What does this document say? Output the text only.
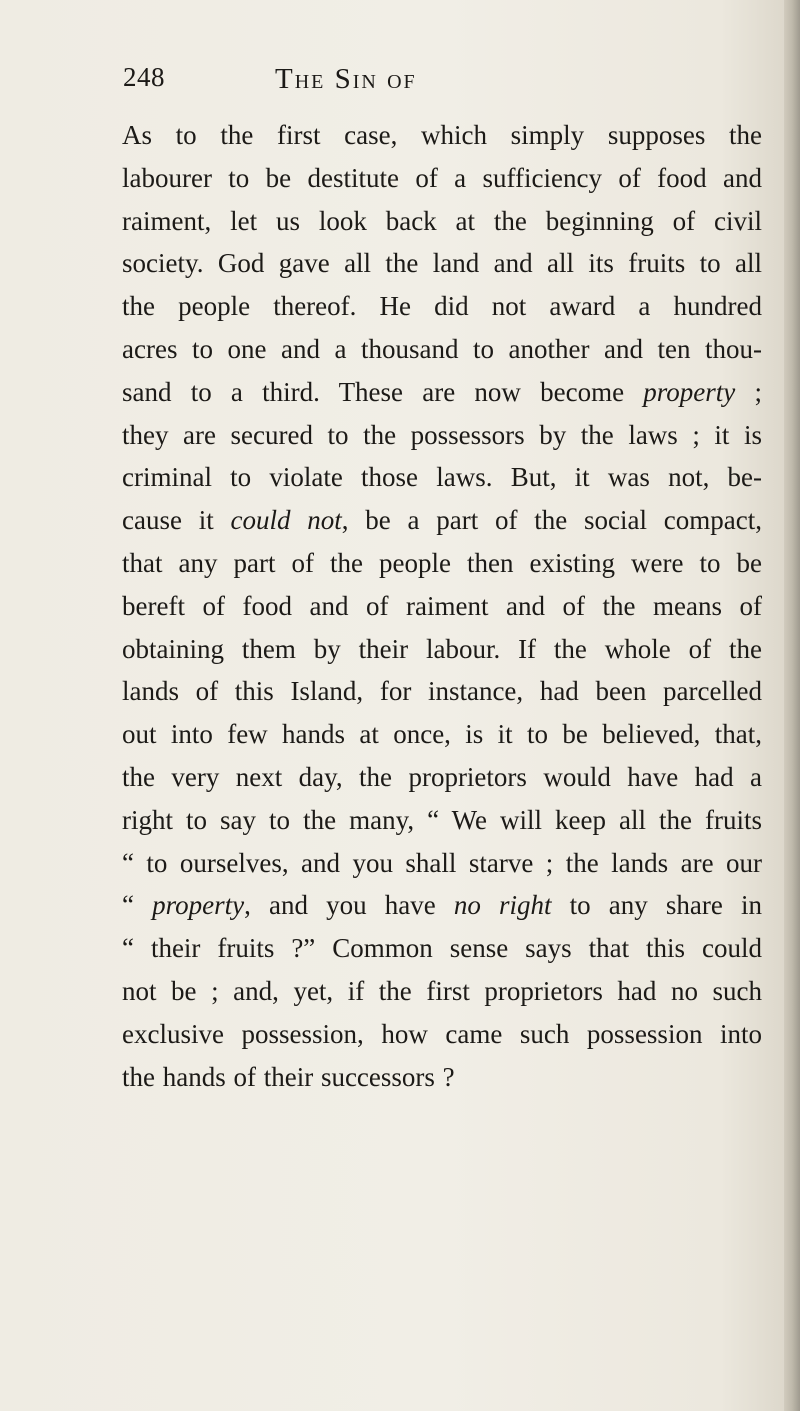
248	The Sin of
As to the first case, which simply supposes the
labourer to be destitute of a sufficiency of food and
raiment, let us look back at the beginning of civil
society. God gave all the land and all its fruits to all
the people thereof. He did not award a hundred
acres to one and a thousand to another and ten thou-
sand to a third. These are now become property ;
they are secured to the possessors by the laws ; it is
criminal to violate those laws. But, it was not, be-
cause it could not, be a part of the social compact,
that any part of the people then existing were to be
bereft of food and of raiment and of the means of
obtaining them by their labour. If the whole of the
lands of this Island, for instance, had been parcelled
out into few hands at once, is it to be believed, that,
the very next day, the proprietors would have had a
right to say to the many, “ We will keep all the fruits
“ to ourselves, and you shall starve ; the lands are our
“ property, and you have no right to any share in
“ their fruits ?” Common sense says that this could
not be ; and, yet, if the first proprietors had no such
exclusive possession, how came such possession into
the hands of their successors ?
